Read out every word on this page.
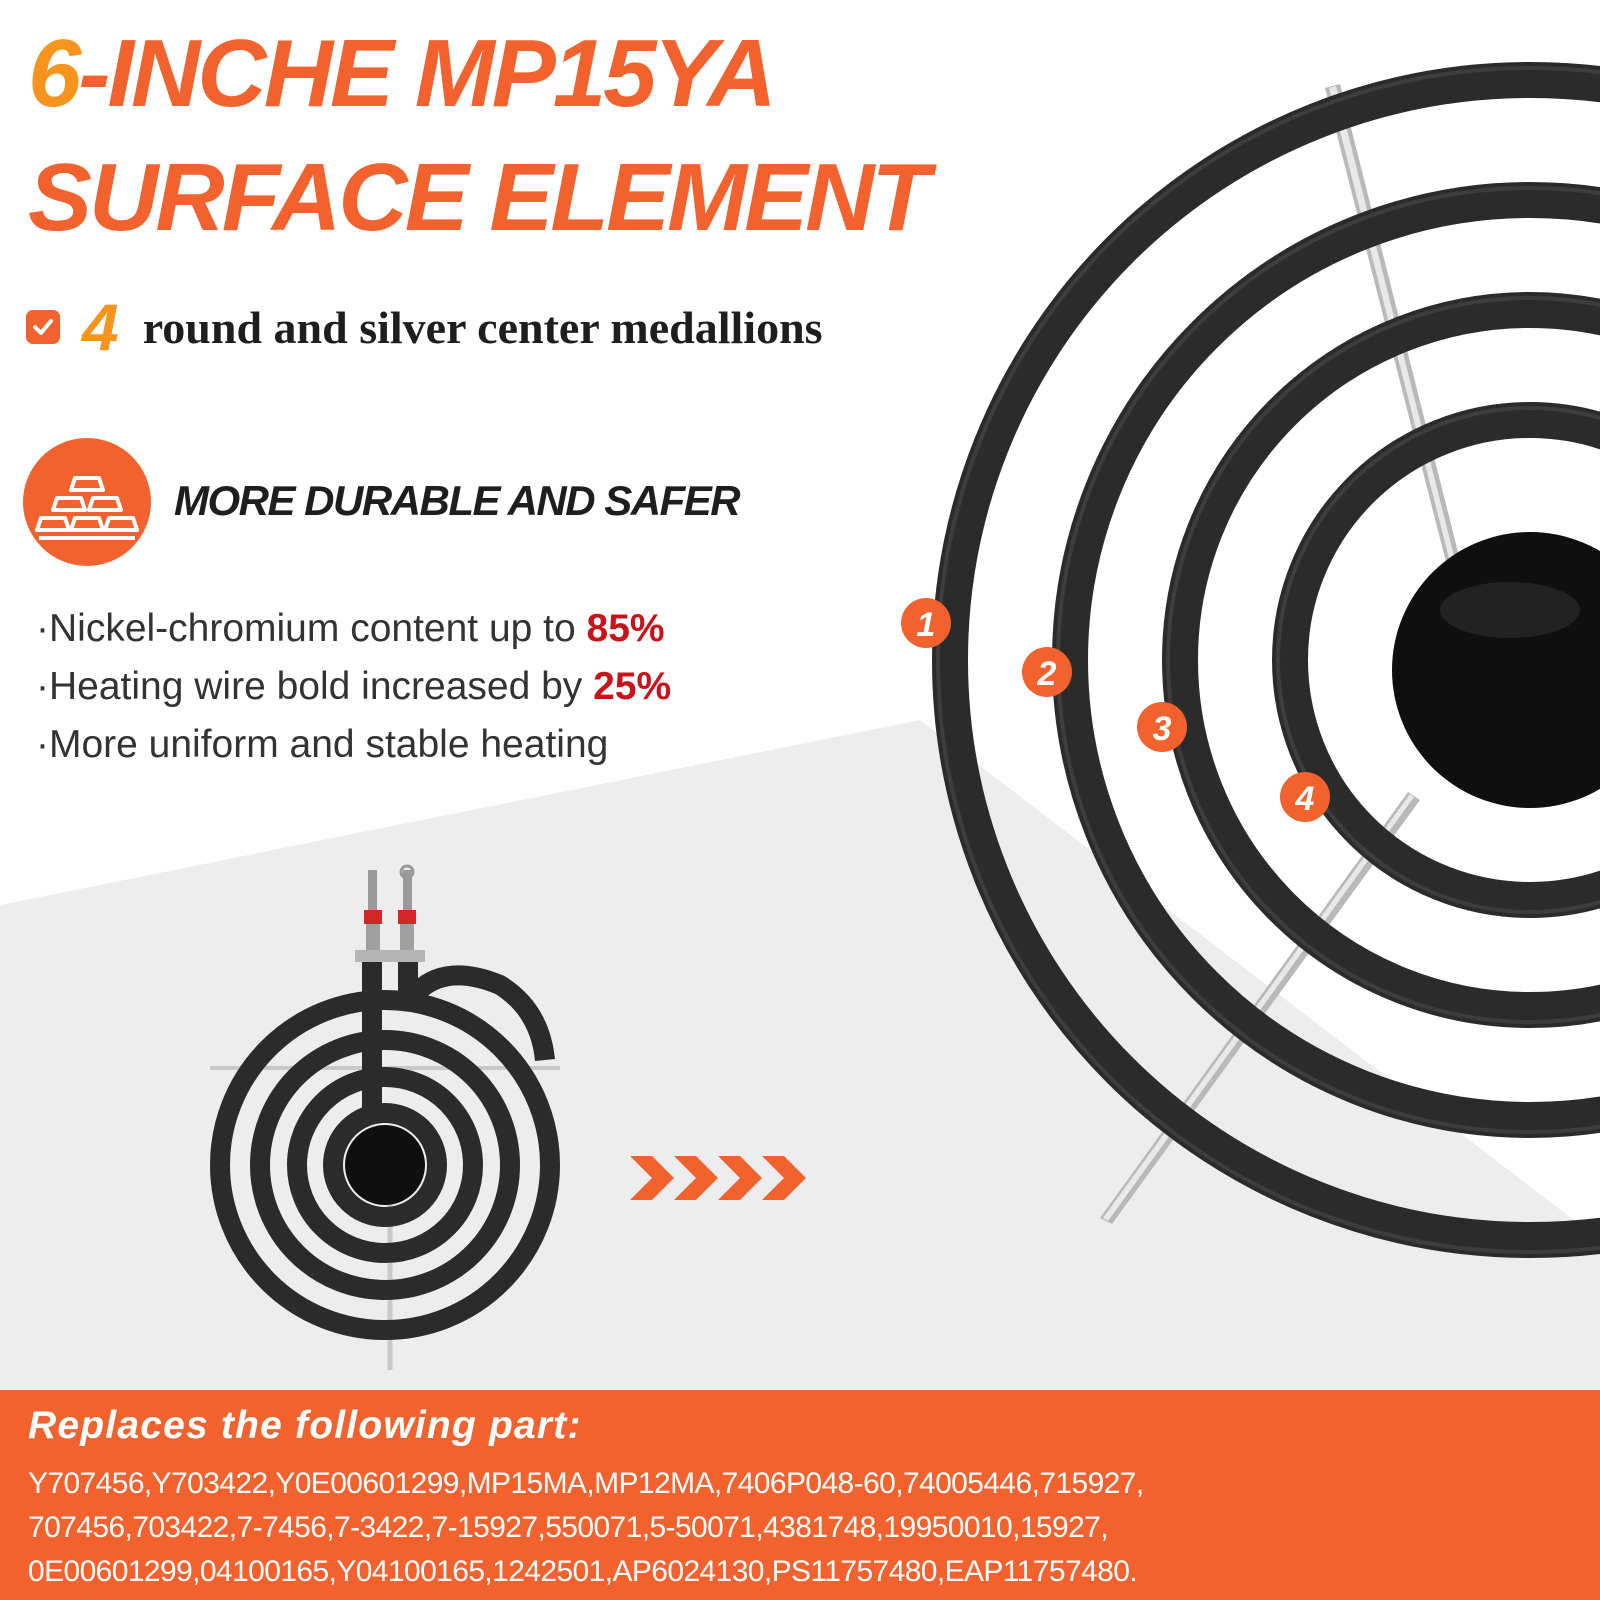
1
2
3
4
6-INCHE MP15YA
SURFACE ELEMENT
4 round and silver center medallions
MORE DURABLE AND SAFER
·Nickel-chromium content up to 85%
·Heating wire bold increased by 25%
·More uniform and stable heating
Replaces the following part:
Y707456,Y703422,Y0E00601299,MP15MA,MP12MA,7406P048-60,74005446,715927,
707456,703422,7-7456,7-3422,7-15927,550071,5-50071,4381748,19950010,15927,
0E00601299,04100165,Y04100165,1242501,AP6024130,PS11757480,EAP11757480.
